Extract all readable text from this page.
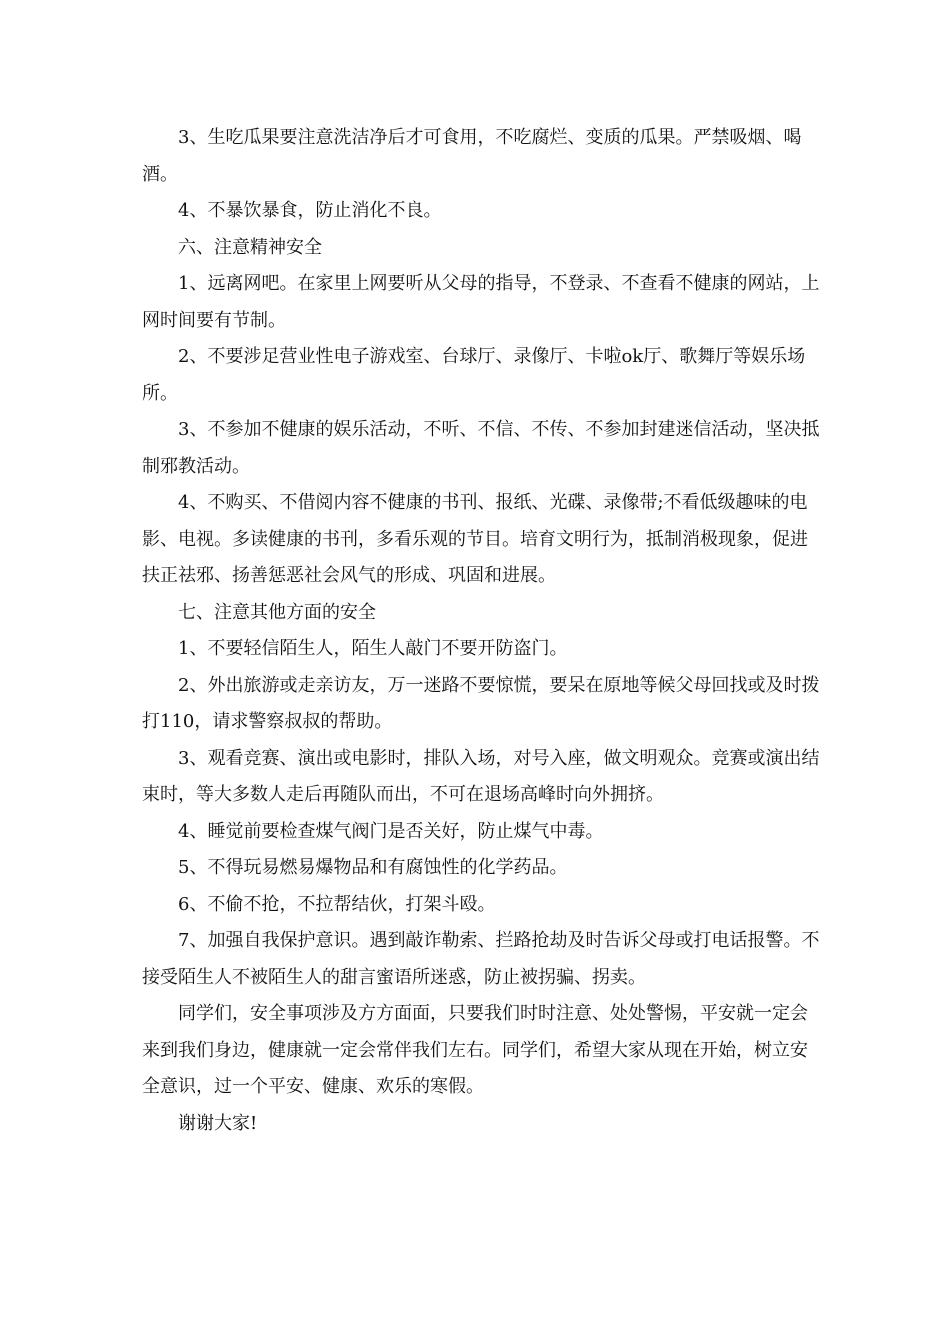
3、生吃瓜果要注意洗洁净后才可食用，不吃腐烂、变质的瓜果。严禁吸烟、喝酒。

4、不暴饮暴食，防止消化不良。

六、注意精神安全

1、远离网吧。在家里上网要听从父母的指导，不登录、不查看不健康的网站，上网时间要有节制。

2、不要涉足营业性电子游戏室、台球厅、录像厅、卡啦ok厅、歌舞厅等娱乐场所。

3、不参加不健康的娱乐活动，不听、不信、不传、不参加封建迷信活动，坚决抵制邪教活动。

4、不购买、不借阅内容不健康的书刊、报纸、光碟、录像带;不看低级趣味的电影、电视。多读健康的书刊，多看乐观的节目。培育文明行为，抵制消极现象，促进扶正祛邪、扬善惩恶社会风气的形成、巩固和进展。

七、注意其他方面的安全

1、不要轻信陌生人，陌生人敲门不要开防盗门。

2、外出旅游或走亲访友，万一迷路不要惊慌，要呆在原地等候父母回找或及时拨打110，请求警察叔叔的帮助。

3、观看竞赛、演出或电影时，排队入场，对号入座，做文明观众。竞赛或演出结束时，等大多数人走后再随队而出，不可在退场高峰时向外拥挤。

4、睡觉前要检查煤气阀门是否关好，防止煤气中毒。

5、不得玩易燃易爆物品和有腐蚀性的化学药品。

6、不偷不抢，不拉帮结伙，打架斗殴。

7、加强自我保护意识。遇到敲诈勒索、拦路抢劫及时告诉父母或打电话报警。不接受陌生人不被陌生人的甜言蜜语所迷惑，防止被拐骗、拐卖。

同学们，安全事项涉及方方面面，只要我们时时注意、处处警惕，平安就一定会来到我们身边，健康就一定会常伴我们左右。同学们，希望大家从现在开始，树立安全意识，过一个平安、健康、欢乐的寒假。

谢谢大家!
